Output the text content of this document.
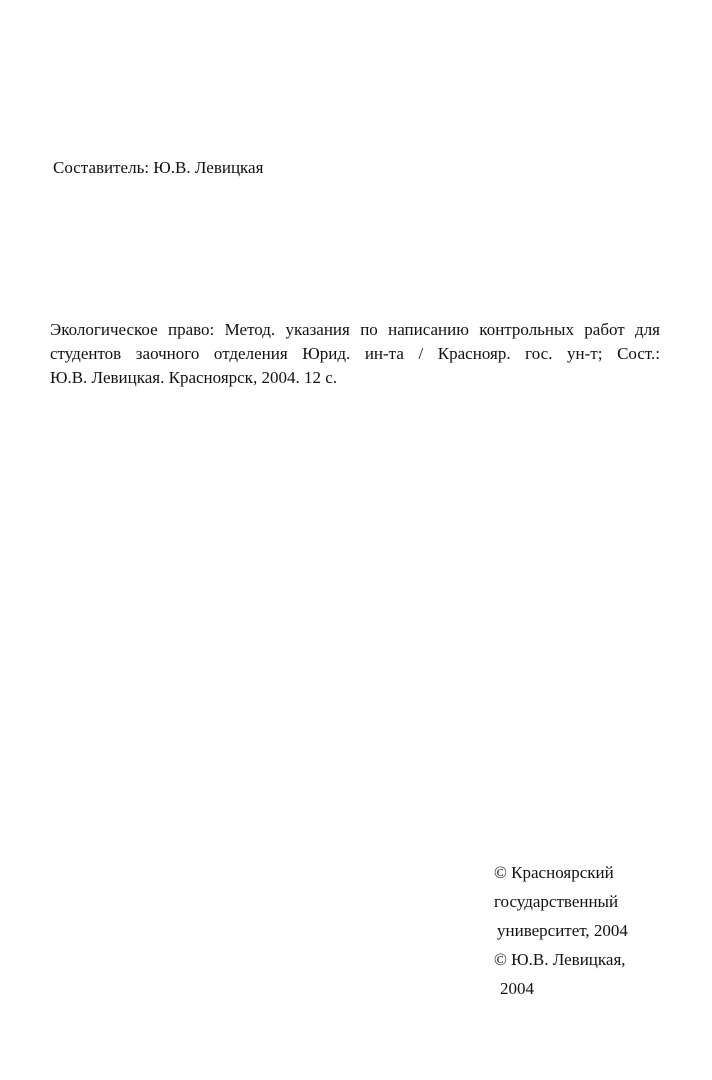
Составитель: Ю.В. Левицкая
Экологическое право: Метод. указания по написанию контрольных работ для
студентов заочного отделения Юрид. ин-та / Краснояр. гос. ун-т; Сост.:
Ю.В. Левицкая. Красноярск, 2004. 12 с.
© Красноярский
государственный
университет, 2004
© Ю.В. Левицкая,
2004
